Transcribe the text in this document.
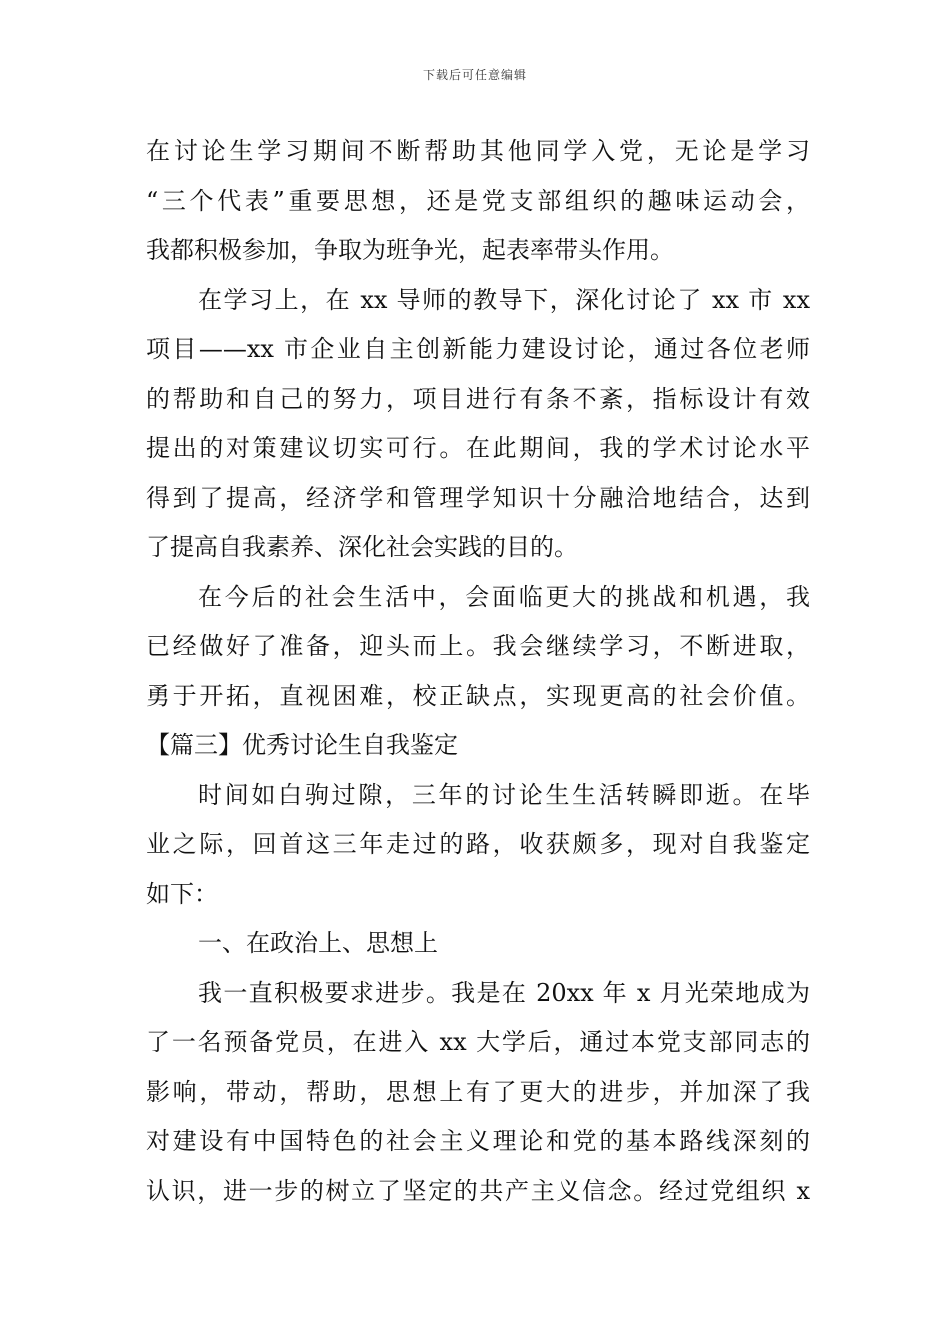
下载后可任意编辑
在讨论生学习期间不断帮助其他同学入党，无论是学习
“三个代表”重要思想，还是党支部组织的趣味运动会，
我都积极参加，争取为班争光，起表率带头作用。
在学习上，在 xx 导师的教导下，深化讨论了 xx 市 xx
项目——xx 市企业自主创新能力建设讨论，通过各位老师
的帮助和自己的努力，项目进行有条不紊，指标设计有效
提出的对策建议切实可行。在此期间，我的学术讨论水平
得到了提高，经济学和管理学知识十分融洽地结合，达到
了提高自我素养、深化社会实践的目的。
在今后的社会生活中，会面临更大的挑战和机遇，我
已经做好了准备，迎头而上。我会继续学习，不断进取，
勇于开拓，直视困难，校正缺点，实现更高的社会价值。
【篇三】优秀讨论生自我鉴定
时间如白驹过隙，三年的讨论生生活转瞬即逝。在毕
业之际，回首这三年走过的路，收获颇多，现对自我鉴定
如下：
一、在政治上、思想上
我一直积极要求进步。我是在 20xx 年 x 月光荣地成为
了一名预备党员，在进入 xx 大学后，通过本党支部同志的
影响，带动，帮助，思想上有了更大的进步，并加深了我
对建设有中国特色的社会主义理论和党的基本路线深刻的
认识，进一步的树立了坚定的共产主义信念。经过党组织 x
